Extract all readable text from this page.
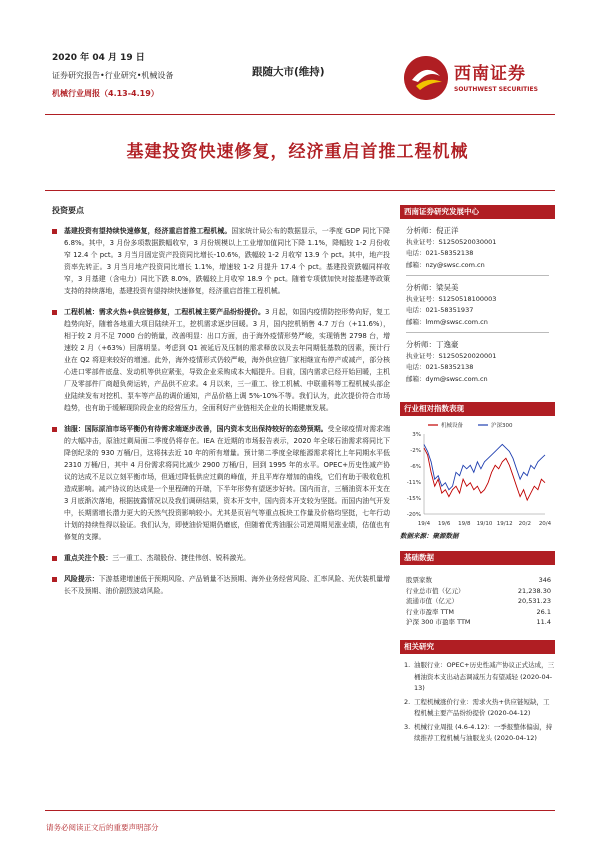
2020 年 04 月 19 日
证券研究报告•行业研究•机械设备
机械行业周报（4.13-4.19）
跟随大市(维持)	西南证券
SOUTHWEST SECURITIES
基建投资快速修复，经济重启首推工程机械
投资要点
基建投资有望持续快速修复，经济重启首推工程机械。国家统计局公布的数据显示，一季度 GDP 同比下降 6.8%。其中，3 月份多项数据跌幅收窄，3 月份规模以上工业增加值同比下降 1.1%，降幅较 1-2 月份收窄 12.4 个 pct。3 月当月固定资产投资同比增长-10.6%，跌幅较 1-2 月收窄 13.9 个 pct。其中，地产投资率先转正。3 月当月地产投资同比增长 1.1%，增速较 1-2 月提升 17.4 个 pct。基建投资跌幅同样收窄，3 月基建（含电力）同比下跌 8.0%，跌幅较上月收窄 18.9 个 pct。随着专项债加快对接基建等政策支持的持续落地，基建投资有望持续快速修复，经济重启首推工程机械。
工程机械：需求火热+供应链修复，工程机械主要产品纷纷提价。3 月起，如国内疫情防控形势向好，复工趋势向好，随着各地重大项目陆续开工，挖机需求逐步回暖。3 月，国内挖机销售 4.7 万台（+11.6%），相于较 2 月不足 7000 台的销量，改善明显：出口方面，由于海外疫情形势严峻，实现销售 2798 台，增速较 2 月（+63%）回落明显。考虑到 Q1 被延后及压制的需求释放以及去年同期低基数的因素，预计行业在 Q2 将迎来较好的增速。此外，海外疫情形式仍较严峻，海外供应链厂家相继宣布停产或减产，部分核心进口零部件底盘、发动机等供应紧张，导致企业采购成本大幅提升。目前，国内需求已经开始回暖，主机厂及零部件厂商超负荷运转，产品供不应求。4 月以来，三一重工、徐工机械、中联重科等工程机械头部企业陆续发布对挖机、泵车等产品的调价通知，产品价格上调 5%-10%不等。我们认为，此次提价符合市场趋势，也有助于缓解现阶段企业的经营压力，全面利好产业链相关企业的长期健康发展。
油服：国际原油市场平衡仍有待需求端逐步改善，国内资本支出保持较好的态势预期。受全球疫情对需求端的大幅冲击，原油过剩局面二季度仍将存在。IEA 在近期的市场报告表示，2020 年全球石油需求将同比下降创纪录的 930 万桶/日，这将抹去近 10 年的所有增量。预计第二季度全球能源需求将比上年同期水平低 2310 万桶/日，其中 4 月份需求将同比减少 2900 万桶/日，回到 1995 年的水平。OPEC+历史性减产协议的达成不足以立刻平衡市场，但通过降低供应过剩的峰值，并且平库存增加的曲线，它们有助于吸收危机造成影响。减产协议的达成是一个里程碑的开端，下半年形势有望逐步好转。国内而言，三桶油资本开支在 3 月底渐次落地，根据披露情况以及我们调研结果，资本开支中，国内资本开支较为坚挺。而国内油气开发中，长期需增长潜力更大的天然气投资影响较小。尤其是页岩气等重点板块工作量及价格均坚挺，七年行动计划的持续性得以验证。我们认为，即使油价短期仍磨底，但随着优秀油服公司逆周期见涨业绩，估值也有修复的支撑。
重点关注个股：三一重工、杰瑞股份、捷佳伟创、锐科激光。
风险提示：下游基建增速低于预期风险、产品销量不达预期、海外业务经营风险、汇率风险、光伏装机量增长不及预期、油价剧烈波动风险。
西南证券研究发展中心
分析师：倪正洋
执业证号：S1250520030001
电话：021-58352138
邮箱：nzy@swsc.com.cn
分析师：梁吴美
执业证号：S1250518100003
电话：021-58351937
邮箱：lmm@swsc.com.cn
分析师：丁逸豪
执业证号：S1250520020001
电话：021-58352138
邮箱：dym@swsc.com.cn
行业相对指数表现
3%
-2%
-6%
-11%
-15%
-20%
19/4 19/6 19/8 19/10 19/12 20/2 20/4
机械设备	沪深300
数据来源：聚源数据
基础数据
股票家数	346
行业总市值（亿元）	21,238.30
流通市值（亿元）	20,531.23
行业市盈率 TTM	26.1
沪深 300 市盈率 TTM	11.4
相关研究
1. 油服行业：OPEC+历史性减产协议正式达成，三桶油资本支出动态调减压力有望减轻 (2020-04-13)
2. 工程机械涨价行业：需求火热+供应链短缺，工程机械主要产品纷纷提价 (2020-04-12)
3. 机械行业周报 (4.6-4.12)：一季报整体偏弱，持续推荐工程机械与油服龙头 (2020-04-12)
请务必阅读正文后的重要声明部分
